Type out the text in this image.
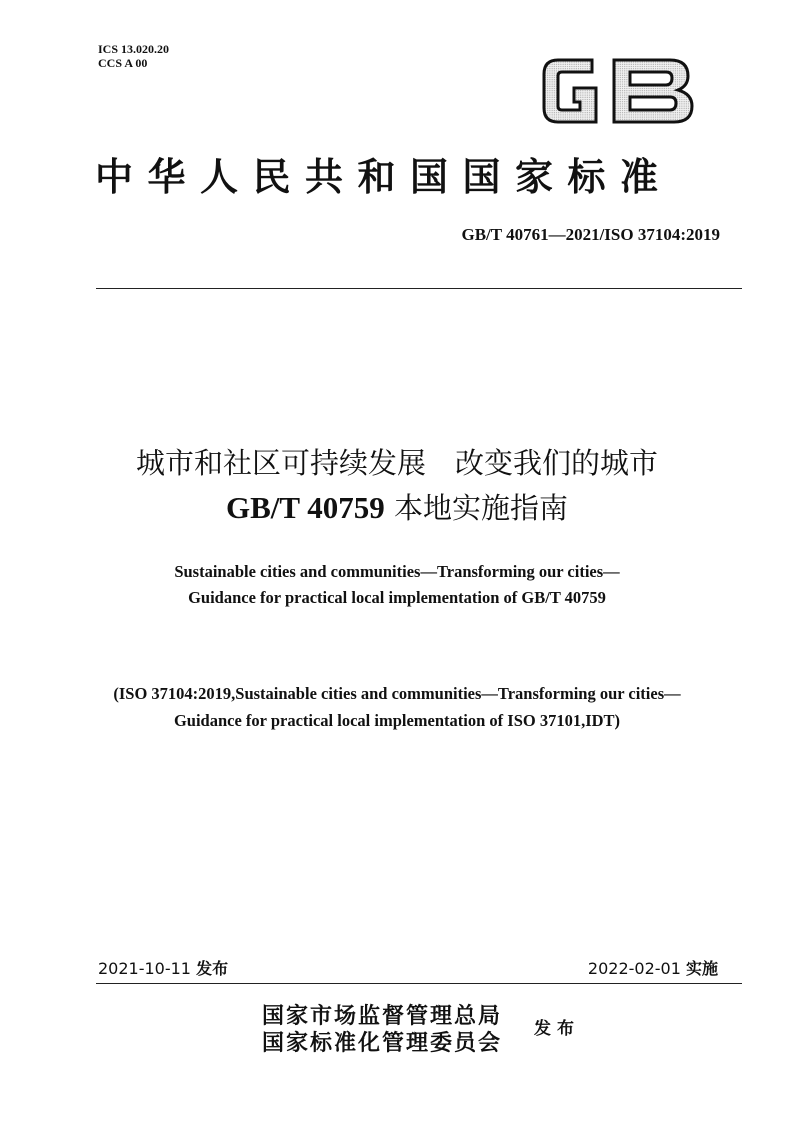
ICS 13.020.20
CCS A 00
中华人民共和国国家标准
GB/T 40761—2021/ISO 37104:2019
城市和社区可持续发展　改变我们的城市
GB/T 40759 本地实施指南
Sustainable cities and communities—Transforming our cities—
Guidance for practical local implementation of GB/T 40759
(ISO 37104:2019,Sustainable cities and communities—Transforming our cities—
Guidance for practical local implementation of ISO 37101,IDT)
2021-10-11 发布	2022-02-01 实施
国家市场监督管理总局
国家标准化管理委员会
发布
